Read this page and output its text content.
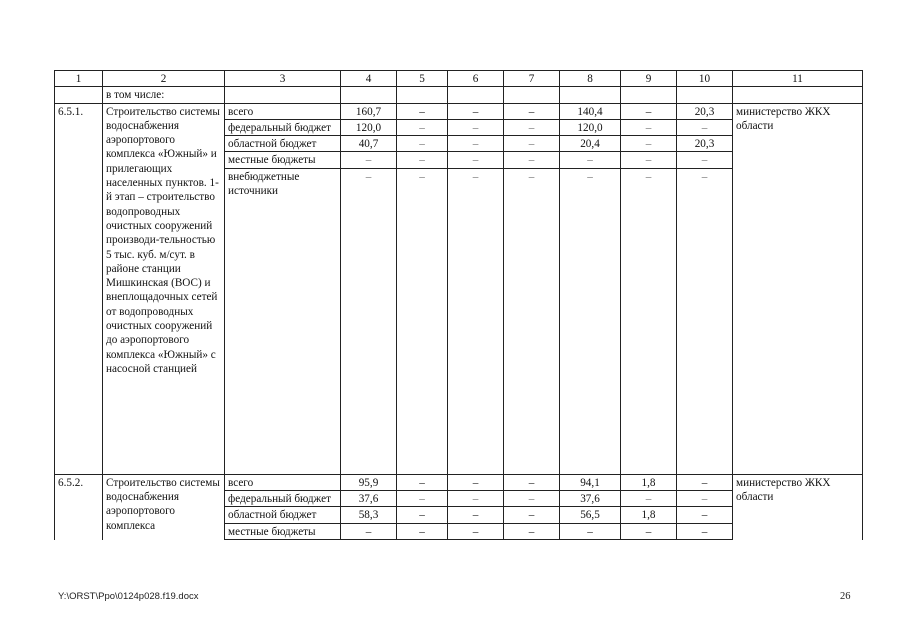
1	2	3	4	5	6	7	8	9	10	11
	в том числе:									
6.5.1.	Строительство системы водоснабжения аэропортового комплекса «Южный» и прилегающих населенных пунктов. 1-й этап – строительство водопроводных очистных сооружений производи-тельностью 5 тыс. куб. м/сут. в районе станции Мишкинская (ВОС) и внеплощадочных сетей от водопроводных очистных сооружений до аэропортового комплекса «Южный» с насосной станцией	всего	160,7	–	–	–	140,4	–	20,3	министерство ЖКХ области
		федеральный бюджет	120,0	–	–	–	120,0	–	–	
		областной бюджет	40,7	–	–	–	20,4	–	20,3	
		местные бюджеты	–	–	–	–	–	–	–	
		внебюджетные источники	–	–	–	–	–	–	–	

6.5.2.	Строительство системы водоснабжения аэропортового комплекса	всего	95,9	–	–	–	94,1	1,8	–	министерство ЖКХ области
		федеральный бюджет	37,6	–	–	–	37,6	–	–	
		областной бюджет	58,3	–	–	–	56,5	1,8	–	
		местные бюджеты	–	–	–	–	–	–	–	
Y:\ORST\Ppo\0124p028.f19.docx	26
